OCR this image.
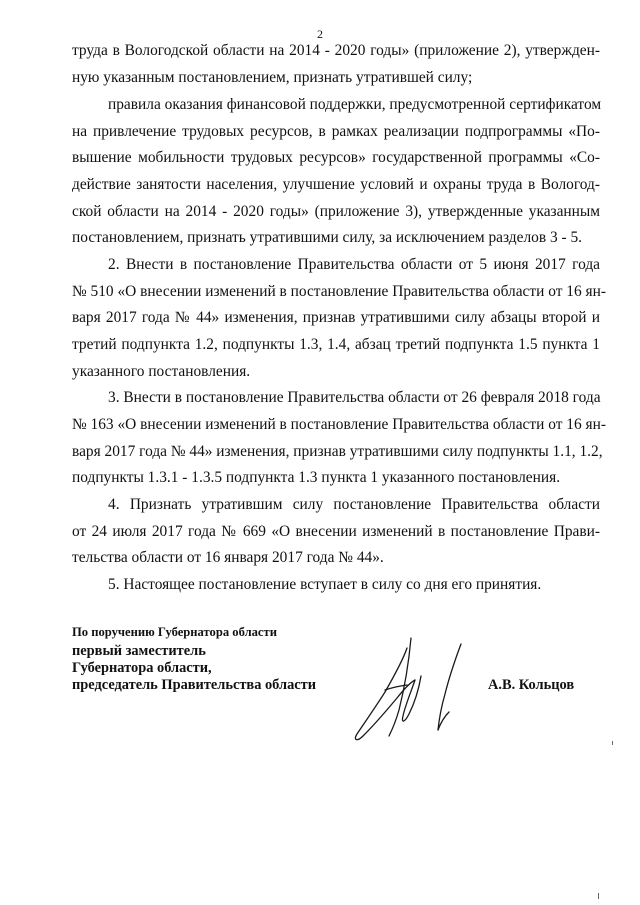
2
труда в Вологодской области на 2014 - 2020 годы» (приложение 2), утвержден-
ную указанным постановлением, признать утратившей силу;
правила оказания финансовой поддержки, предусмотренной сертификатом
на привлечение трудовых ресурсов, в рамках реализации подпрограммы «По-
вышение мобильности трудовых ресурсов» государственной программы «Со-
действие занятости населения, улучшение условий и охраны труда в Вологод-
ской области на 2014 - 2020 годы» (приложение 3), утвержденные указанным
постановлением, признать утратившими силу, за исключением разделов 3 - 5.
2. Внести в постановление Правительства области от 5 июня 2017 года
№ 510 «О внесении изменений в постановление Правительства области от 16 ян-
варя 2017 года № 44» изменения, признав утратившими силу абзацы второй и
третий подпункта 1.2, подпункты 1.3, 1.4, абзац третий подпункта 1.5 пункта 1
указанного постановления.
3. Внести в постановление Правительства области от 26 февраля 2018 года
№ 163 «О внесении изменений в постановление Правительства области от 16 ян-
варя 2017 года № 44» изменения, признав утратившими силу подпункты 1.1, 1.2,
подпункты 1.3.1 - 1.3.5 подпункта 1.3 пункта 1 указанного постановления.
4. Признать утратившим силу постановление Правительства области
от 24 июля 2017 года № 669 «О внесении изменений в постановление Прави-
тельства области от 16 января 2017 года № 44».
5. Настоящее постановление вступает в силу со дня его принятия.
По поручению Губернатора области
первый заместитель
Губернатора области,
председатель Правительства области	А.В. Кольцов
